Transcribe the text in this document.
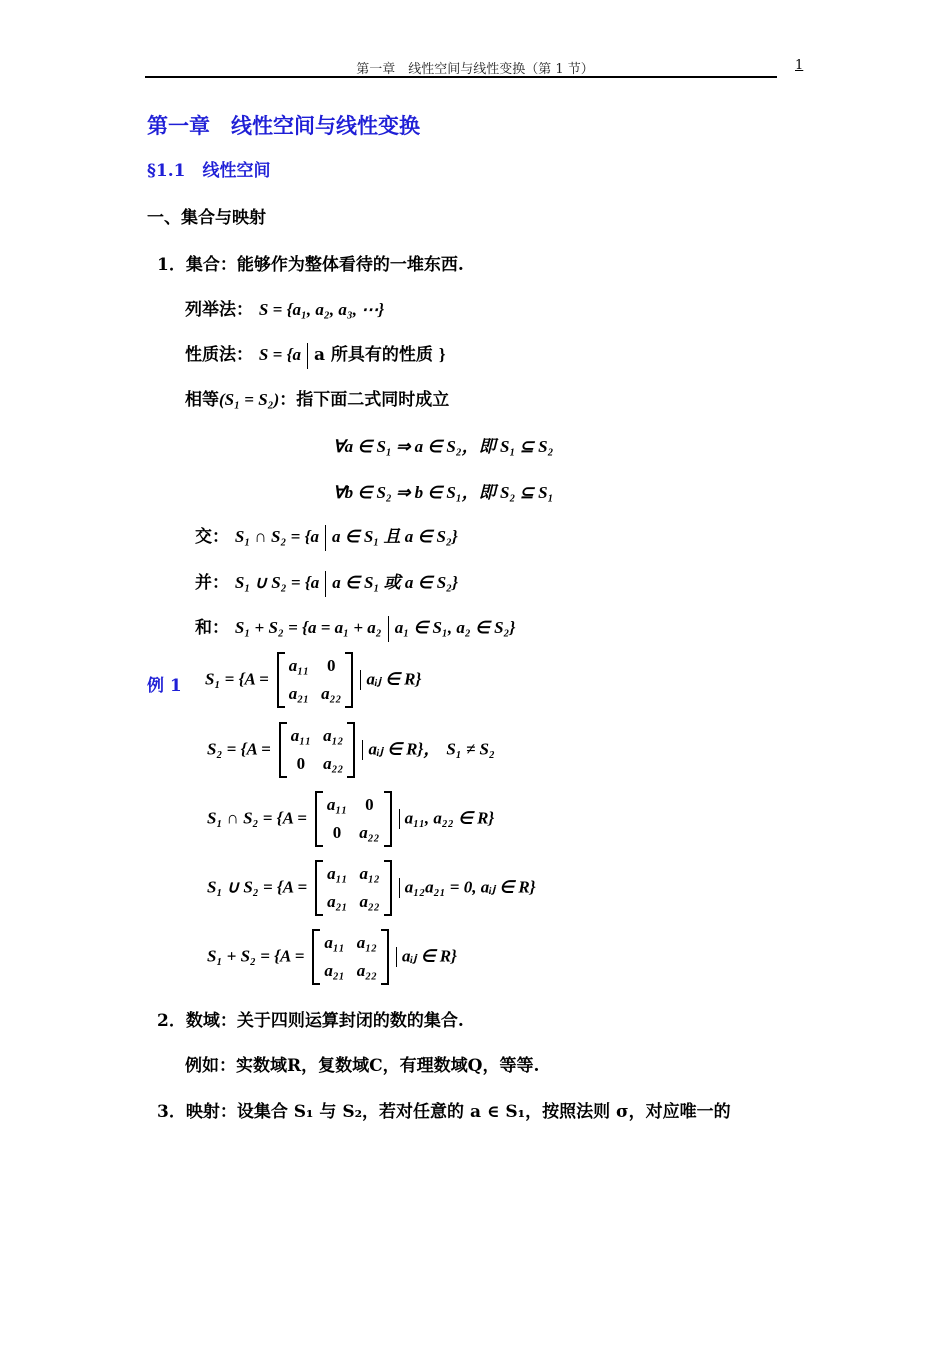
第一章　线性空间与线性变换（第 1 节）	1
第一章　线性空间与线性变换
§1.1　线性空间
一、集合与映射
1．集合：能够作为整体看待的一堆东西.
列举法： S = {a₁, a₂, a₃, ⋯}
性质法： S = {a a 所具有的性质 }
相等(S₁ = S₂)：指下面二式同时成立
∀a ∈ S₁ ⇒ a ∈ S₂，即 S₁ ⊆ S₂
∀b ∈ S₂ ⇒ b ∈ S₁，即 S₂ ⊆ S₁
交： S₁ ∩ S₂ = {a a ∈ S₁ 且 a ∈ S₂}
并： S₁ ∪ S₂ = {a a ∈ S₁ 或 a ∈ S₂}
和： S₁ + S₂ = {a = a₁ + a₂ a₁ ∈ S₁, a₂ ∈ S₂}
例 1 S₁ = {A =
a₁₁	0
a₂₁	a₂₂
aᵢⱼ ∈ R}
S₂ = {A =
a₁₁	a₁₂
0	a₂₂
aᵢⱼ ∈ R}， S₁ ≠ S₂
S₁ ∩ S₂ = {A =
a₁₁	0
0	a₂₂
a₁₁, a₂₂ ∈ R}
S₁ ∪ S₂ = {A =
a₁₁	a₁₂
a₂₁	a₂₂
a₁₂a₂₁ = 0, aᵢⱼ ∈ R}
S₁ + S₂ = {A =
a₁₁	a₁₂
a₂₁	a₂₂
aᵢⱼ ∈ R}
2．数域：关于四则运算封闭的数的集合.
例如：实数域R，复数域C，有理数域Q，等等.
3．映射：设集合 S₁ 与 S₂，若对任意的 a ∈ S₁，按照法则 σ，对应唯一的
